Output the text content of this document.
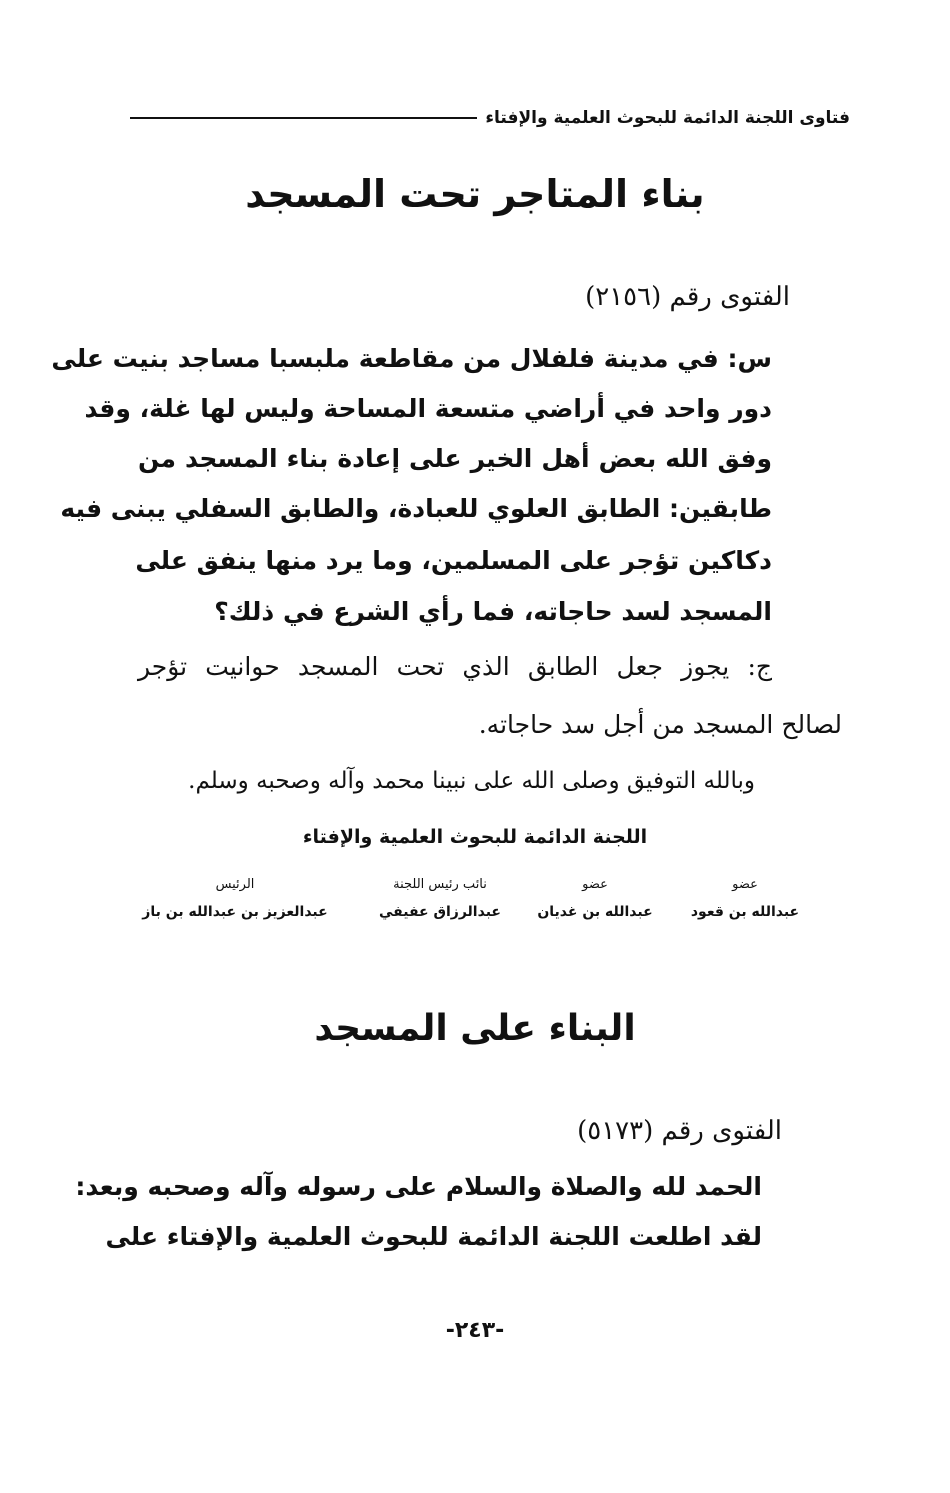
فتاوى اللجنة الدائمة للبحوث العلمية والإفتاء
بناء المتاجر تحت المسجد
الفتوى رقم (٢١٥٦)
س: في مدينة فلفلال من مقاطعة ملبسبا مساجد بنيت على
دور واحد في أراضي متسعة المساحة وليس لها غلة، وقد
وفق الله بعض أهل الخير على إعادة بناء المسجد من
طابقين: الطابق العلوي للعبادة، والطابق السفلي يبنى فيه
دكاكين تؤجر على المسلمين، وما يرد منها ينفق على
المسجد لسد حاجاته، فما رأي الشرع في ذلك؟
ج: يجوز جعل الطابق الذي تحت المسجد حوانيت تؤجر
لصالح المسجد من أجل سد حاجاته.
وبالله التوفيق وصلى الله على نبينا محمد وآله وصحبه وسلم.
اللجنة الدائمة للبحوث العلمية والإفتاء
عضو
عبدالله بن قعود
عضو
عبدالله بن غديان
نائب رئيس اللجنة
عبدالرزاق عفيفي
الرئيس
عبدالعزيز بن عبدالله بن باز
البناء على المسجد
الفتوى رقم (٥١٧٣)
الحمد لله والصلاة والسلام على رسوله وآله وصحبه وبعد:
لقد اطلعت اللجنة الدائمة للبحوث العلمية والإفتاء على
-٢٤٣-
